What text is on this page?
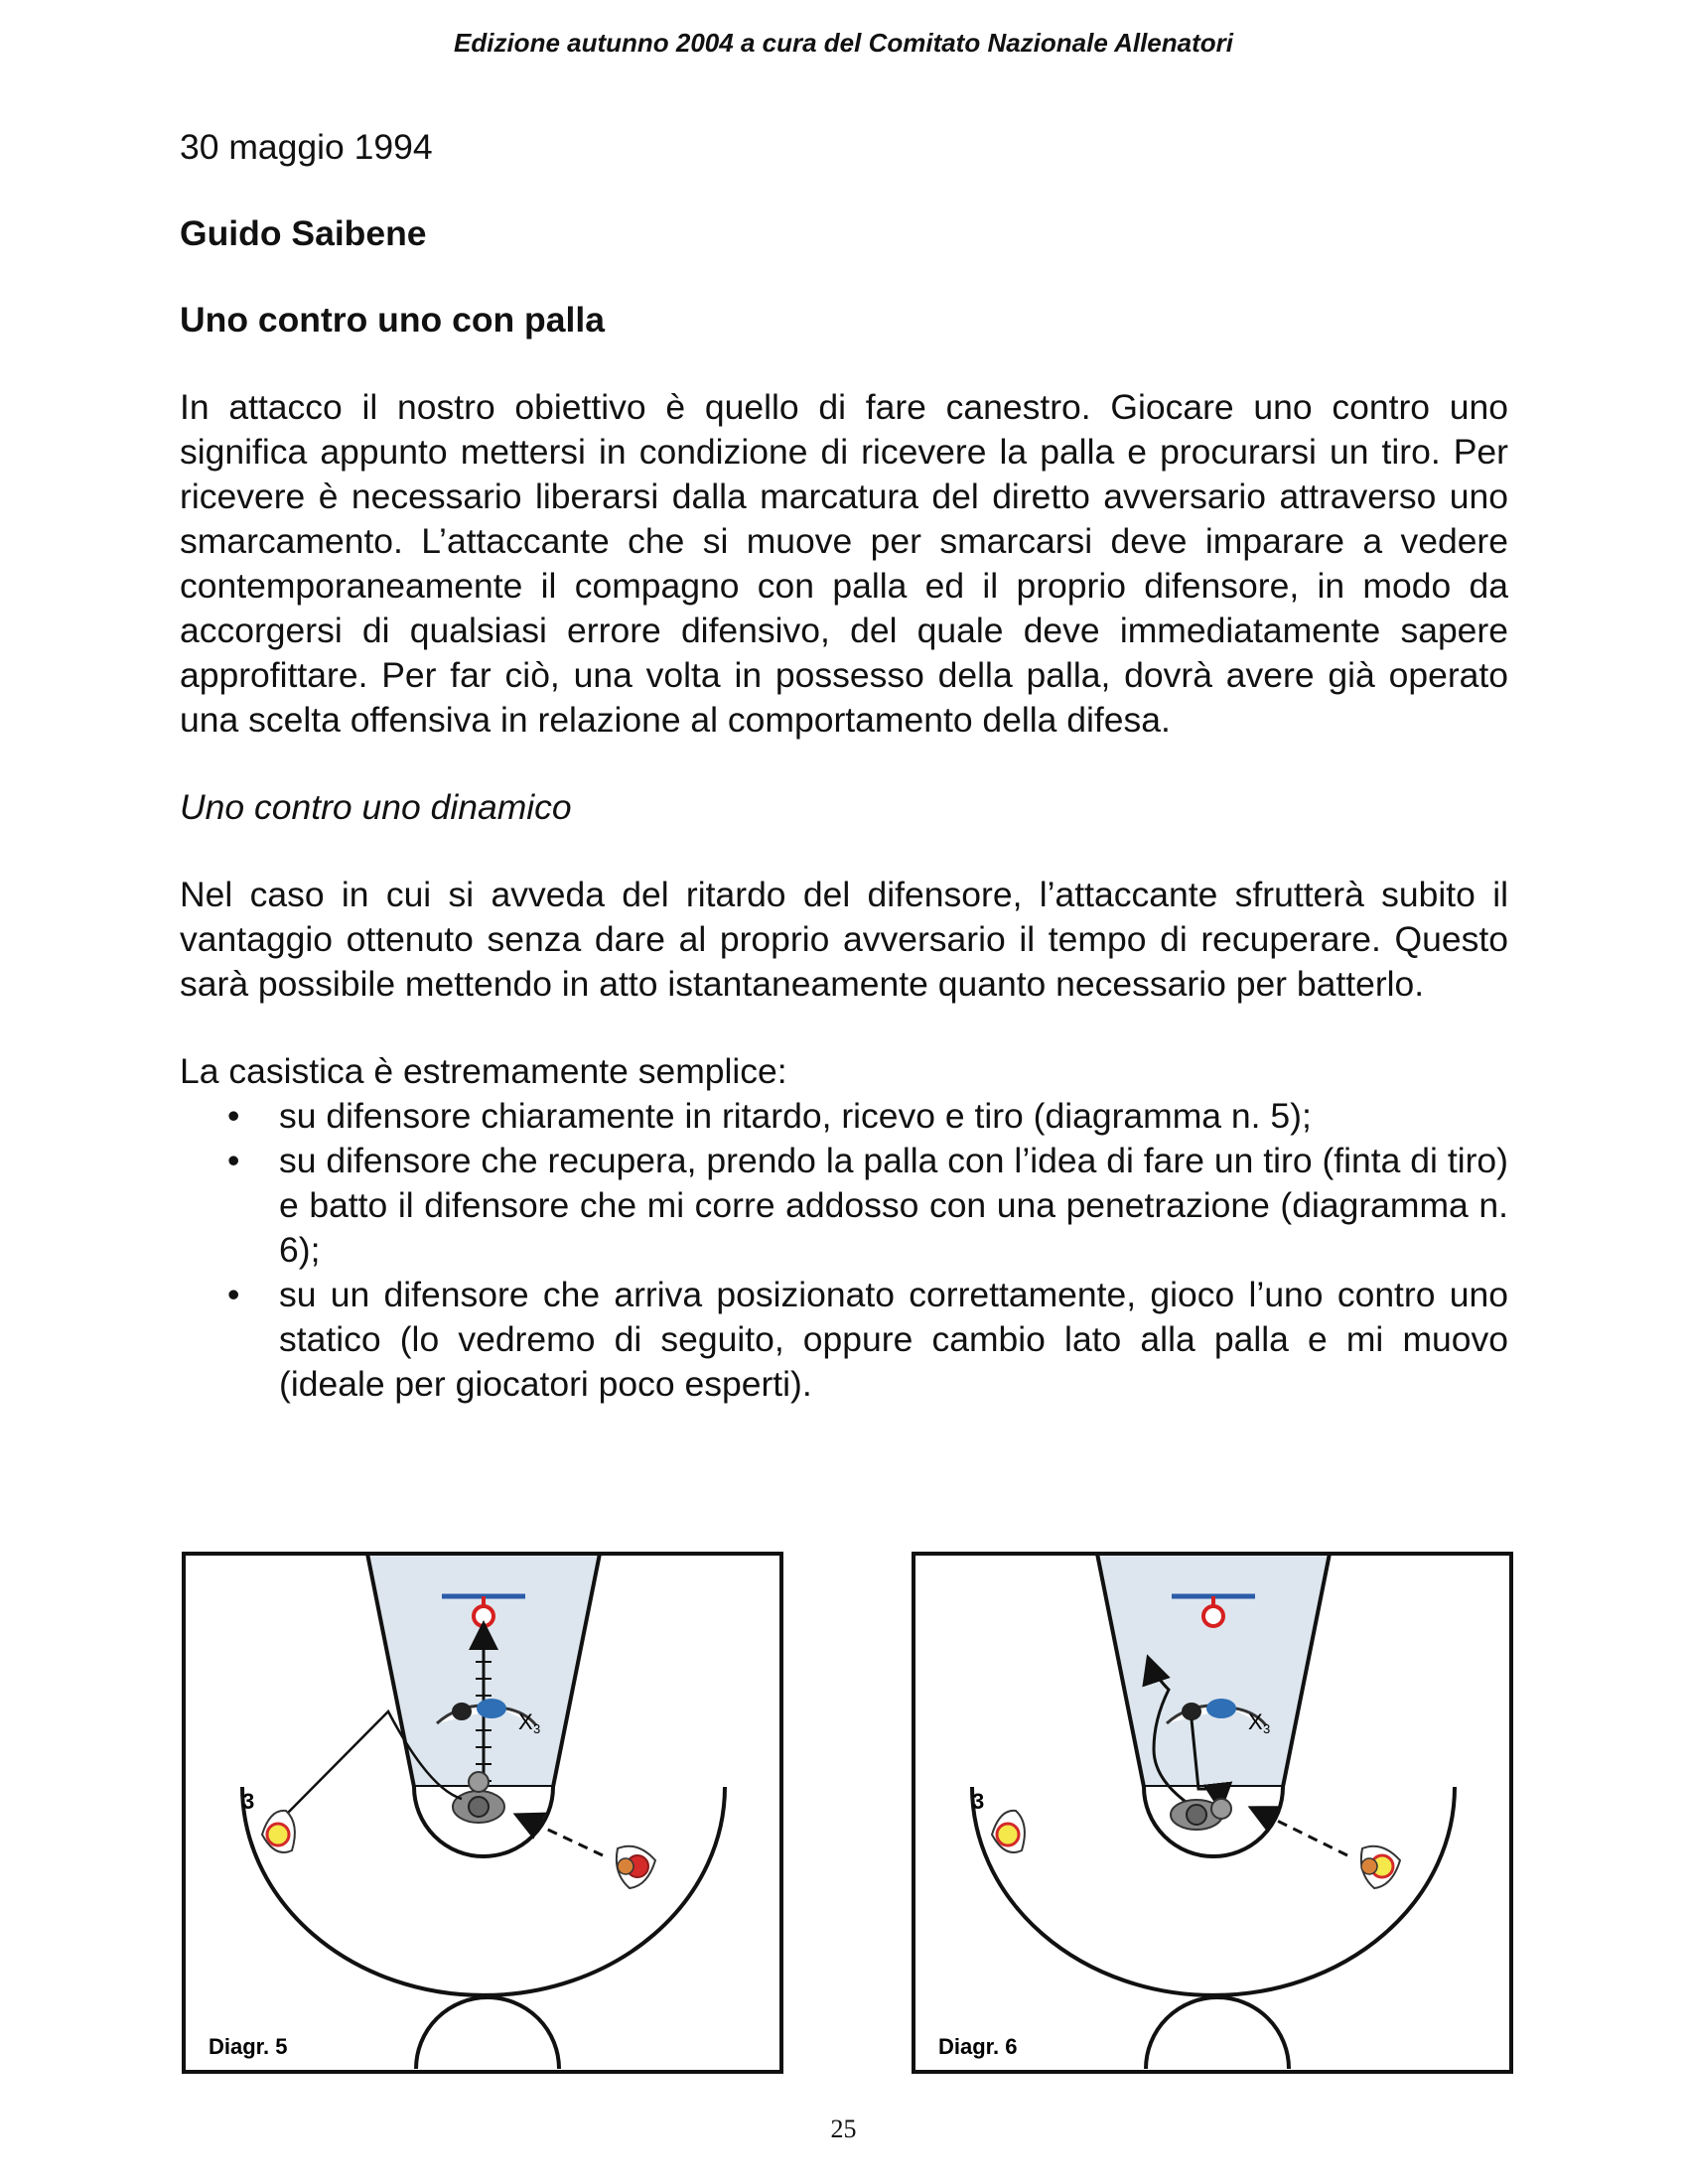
Edizione autunno 2004 a cura del Comitato Nazionale Allenatori
30 maggio 1994
Guido Saibene
Uno contro uno con palla
In attacco il nostro obiettivo è quello di fare canestro. Giocare uno contro uno significa appunto mettersi in condizione di ricevere la palla e procurarsi un tiro. Per ricevere è necessario liberarsi dalla marcatura del diretto avversario attraverso uno smarcamento. L’attaccante che si muove per smarcarsi deve imparare a vedere contemporaneamente il compagno con palla ed il proprio difensore, in modo da accorgersi di qualsiasi errore difensivo, del quale deve immediatamente sapere approfittare. Per far ciò, una volta in possesso della palla, dovrà avere già operato una scelta offensiva in relazione al comportamento della difesa.
Uno contro uno dinamico
Nel caso in cui si avveda del ritardo del difensore, l’attaccante sfrutterà subito il vantaggio ottenuto senza dare al proprio avversario il tempo di recuperare. Questo sarà possibile mettendo in atto istantaneamente quanto necessario per batterlo.
La casistica è estremamente semplice:
• su difensore chiaramente in ritardo, ricevo e tiro (diagramma n. 5);
• su difensore che recupera, prendo la palla con l’idea di fare un tiro (finta di tiro) e batto il difensore che mi corre addosso con una penetrazione (diagramma n. 6);
• su un difensore che arriva posizionato correttamente, gioco l’uno contro uno statico (lo vedremo di seguito, oppure cambio lato alla palla e mi muovo (ideale per giocatori poco esperti).
X 3
3
Diagr. 5
X 3
3
Diagr. 6
25
